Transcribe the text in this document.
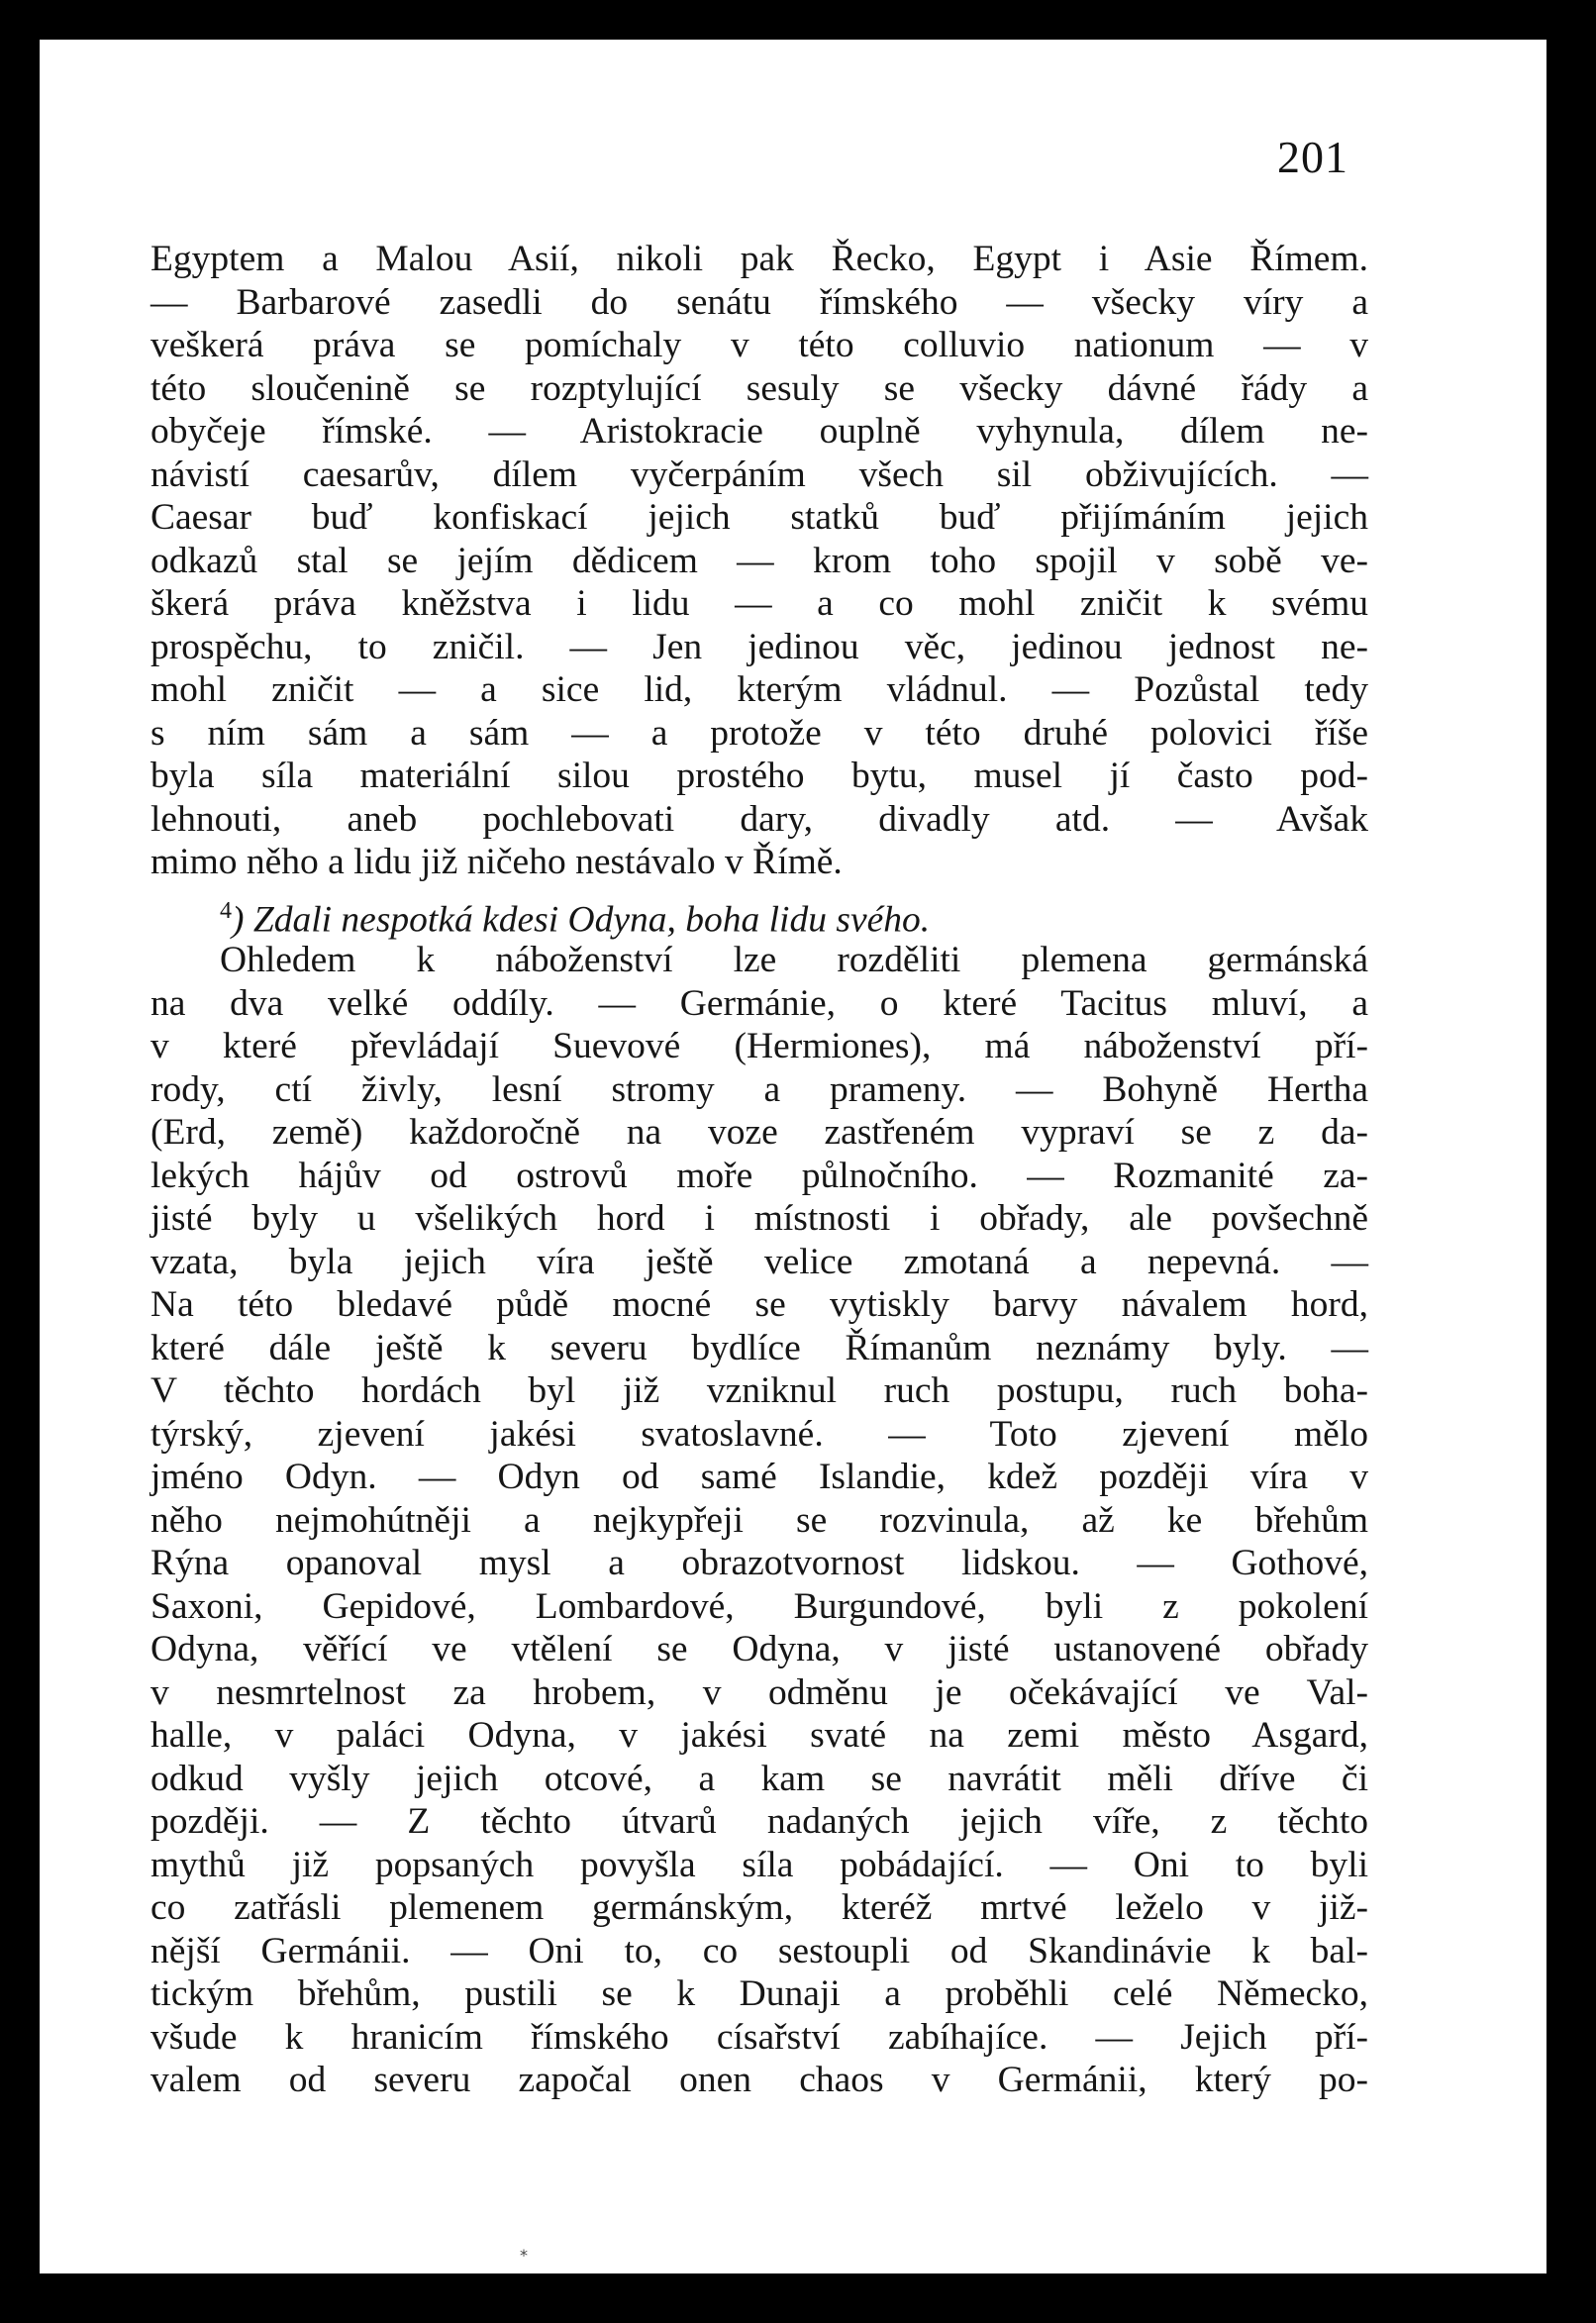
201
Egyptem a Malou Asií, nikoli pak Řecko, Egypt i Asie Římem.
— Barbarové zasedli do senátu římského — všecky víry a
veškerá práva se pomíchaly v této colluvio nationum — v
této sloučenině se rozptylující sesuly se všecky dávné řády a
obyčeje římské. — Aristokracie ouplně vyhynula, dílem ne-
návistí caesarův, dílem vyčerpáním všech sil obživujících. —
Caesar buď konfiskací jejich statků buď přijímáním jejich
odkazů stal se jejím dědicem — krom toho spojil v sobě ve-
škerá práva kněžstva i lidu — a co mohl zničit k svému
prospěchu, to zničil. — Jen jedinou věc, jedinou jednost ne-
mohl zničit — a sice lid, kterým vládnul. — Pozůstal tedy
s ním sám a sám — a protože v této druhé polovici říše
byla síla materiální silou prostého bytu, musel jí často pod-
lehnouti, aneb pochlebovati dary, divadly atd. — Avšak
mimo něho a lidu již ničeho nestávalo v Římě.
$^4$) Zdali nespotká kdesi Odyna, boha lidu svého.
Ohledem k náboženství lze rozděliti plemena germánská
na dva velké oddíly. — Germánie, o které Tacitus mluví, a
v které převládají Suevové (Hermiones), má náboženství pří-
rody, ctí živly, lesní stromy a prameny. — Bohyně Hertha
(Erd, země) každoročně na voze zastřeném vypraví se z da-
lekých hájův od ostrovů moře půlnočního. — Rozmanité za-
jisté byly u všelikých hord i místnosti i obřady, ale povšechně
vzata, byla jejich víra ještě velice zmotaná a nepevná. —
Na této bledavé půdě mocné se vytiskly barvy návalem hord,
které dále ještě k severu bydlíce Římanům neznámy byly. —
V těchto hordách byl již vzniknul ruch postupu, ruch boha-
týrský, zjevení jakési svatoslavné. — Toto zjevení mělo
jméno Odyn. — Odyn od samé Islandie, kdež později víra v
něho nejmohútněji a nejkypřeji se rozvinula, až ke břehům
Rýna opanoval mysl a obrazotvornost lidskou. — Gothové,
Saxoni, Gepidové, Lombardové, Burgundové, byli z pokolení
Odyna, věřící ve vtělení se Odyna, v jisté ustanovené obřady
v nesmrtelnost za hrobem, v odměnu je očekávající ve Val-
halle, v paláci Odyna, v jakési svaté na zemi město Asgard,
odkud vyšly jejich otcové, a kam se navrátit měli dříve či
později. — Z těchto útvarů nadaných jejich víře, z těchto
mythů již popsaných povyšla síla pobádající. — Oni to byli
co zatřásli plemenem germánským, kteréž mrtvé leželo v již-
nější Germánii. — Oni to, co sestoupli od Skandinávie k bal-
tickým břehům, pustili se k Dunaji a proběhli celé Německo,
všude k hranicím římského císařství zabíhajíce. — Jejich pří-
valem od severu započal onen chaos v Germánii, který po-
*
